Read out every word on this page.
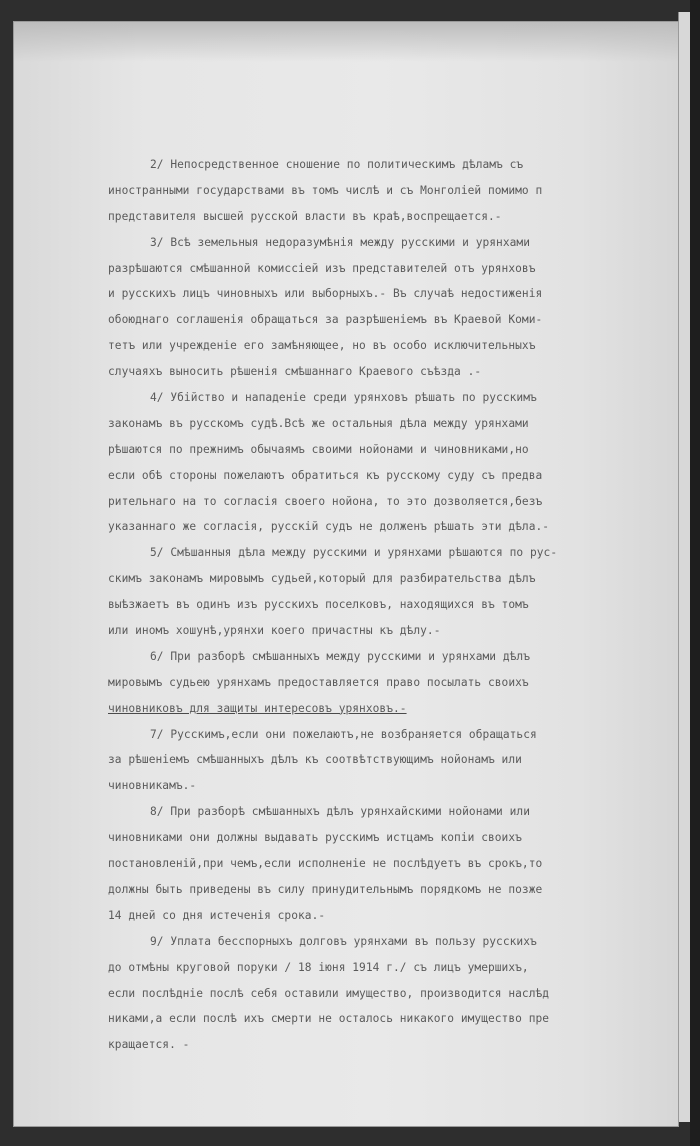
2/ Непосредственное сношение по политическимъ дѣламъ съ
иностранными государствами въ томъ числѣ и съ Монголiей помимо п
представителя высшей русской власти въ краѣ,воспрещается.-
3/ Всѣ земельныя недоразумѣнiя между русскими и урянхами
разрѣшаются смѣшанной комиссiей изъ представителей отъ урянховъ
и русскихъ лицъ чиновныхъ или выборныхъ.- Въ случаѣ недостиженiя
обоюднаго соглашенiя обращаться за разрѣшенiемъ въ Краевой Коми-
тетъ или учрежденiе его замѣняющее, но въ особо исключительныхъ
случаяхъ выносить рѣшенiя смѣшаннаго Краевого съѣзда .-
4/ Убiйство и нападенiе среди урянховъ рѣшать по русскимъ
законамъ въ русскомъ судѣ.Всѣ же остальныя дѣла между урянхами
рѣшаются по прежнимъ обычаямъ своими нойонами и чиновниками,но
если обѣ стороны пожелаютъ обратиться къ русскому суду съ предва
рительнаго на то согласiя своего нойона, то это дозволяется,безъ
указаннаго же согласiя, русскiй судъ не долженъ рѣшать эти дѣла.-
5/ Смѣшанныя дѣла между русскими и урянхами рѣшаются по рус-
скимъ законамъ мировымъ судьей,который для разбирательства дѣлъ
выѣзжаетъ въ одинъ изъ русскихъ поселковъ, находящихся въ томъ
или иномъ хошунѣ,урянхи коего причастны къ дѣлу.-
6/ При разборѣ смѣшанныхъ между русскими и урянхами дѣлъ
мировымъ судьею урянхамъ предоставляется право посылать своихъ
чиновниковъ для защиты интересовъ урянховъ.-
7/ Русскимъ,если они пожелаютъ,не возбраняется обращаться
за рѣшенiемъ смѣшанныхъ дѣлъ къ соотвѣтствующимъ нойонамъ или
чиновникамъ.-
8/ При разборѣ смѣшанныхъ дѣлъ урянхайскими нойонами или
чиновниками они должны выдавать русскимъ истцамъ копiи своихъ
постановленiй,при чемъ,если исполненiе не послѣдуетъ въ срокъ,то
должны быть приведены въ силу принудительнымъ порядкомъ не позже
14 дней со дня истеченiя срока.-
9/ Уплата бесспорныхъ долговъ урянхами въ пользу русскихъ
до отмѣны круговой поруки / 18 iюня 1914 г./ съ лицъ умершихъ,
если послѣднiе послѣ себя оставили имущество, производится наслѣд
никами,а если послѣ ихъ смерти не осталось никакого имущество пре
кращается. -
